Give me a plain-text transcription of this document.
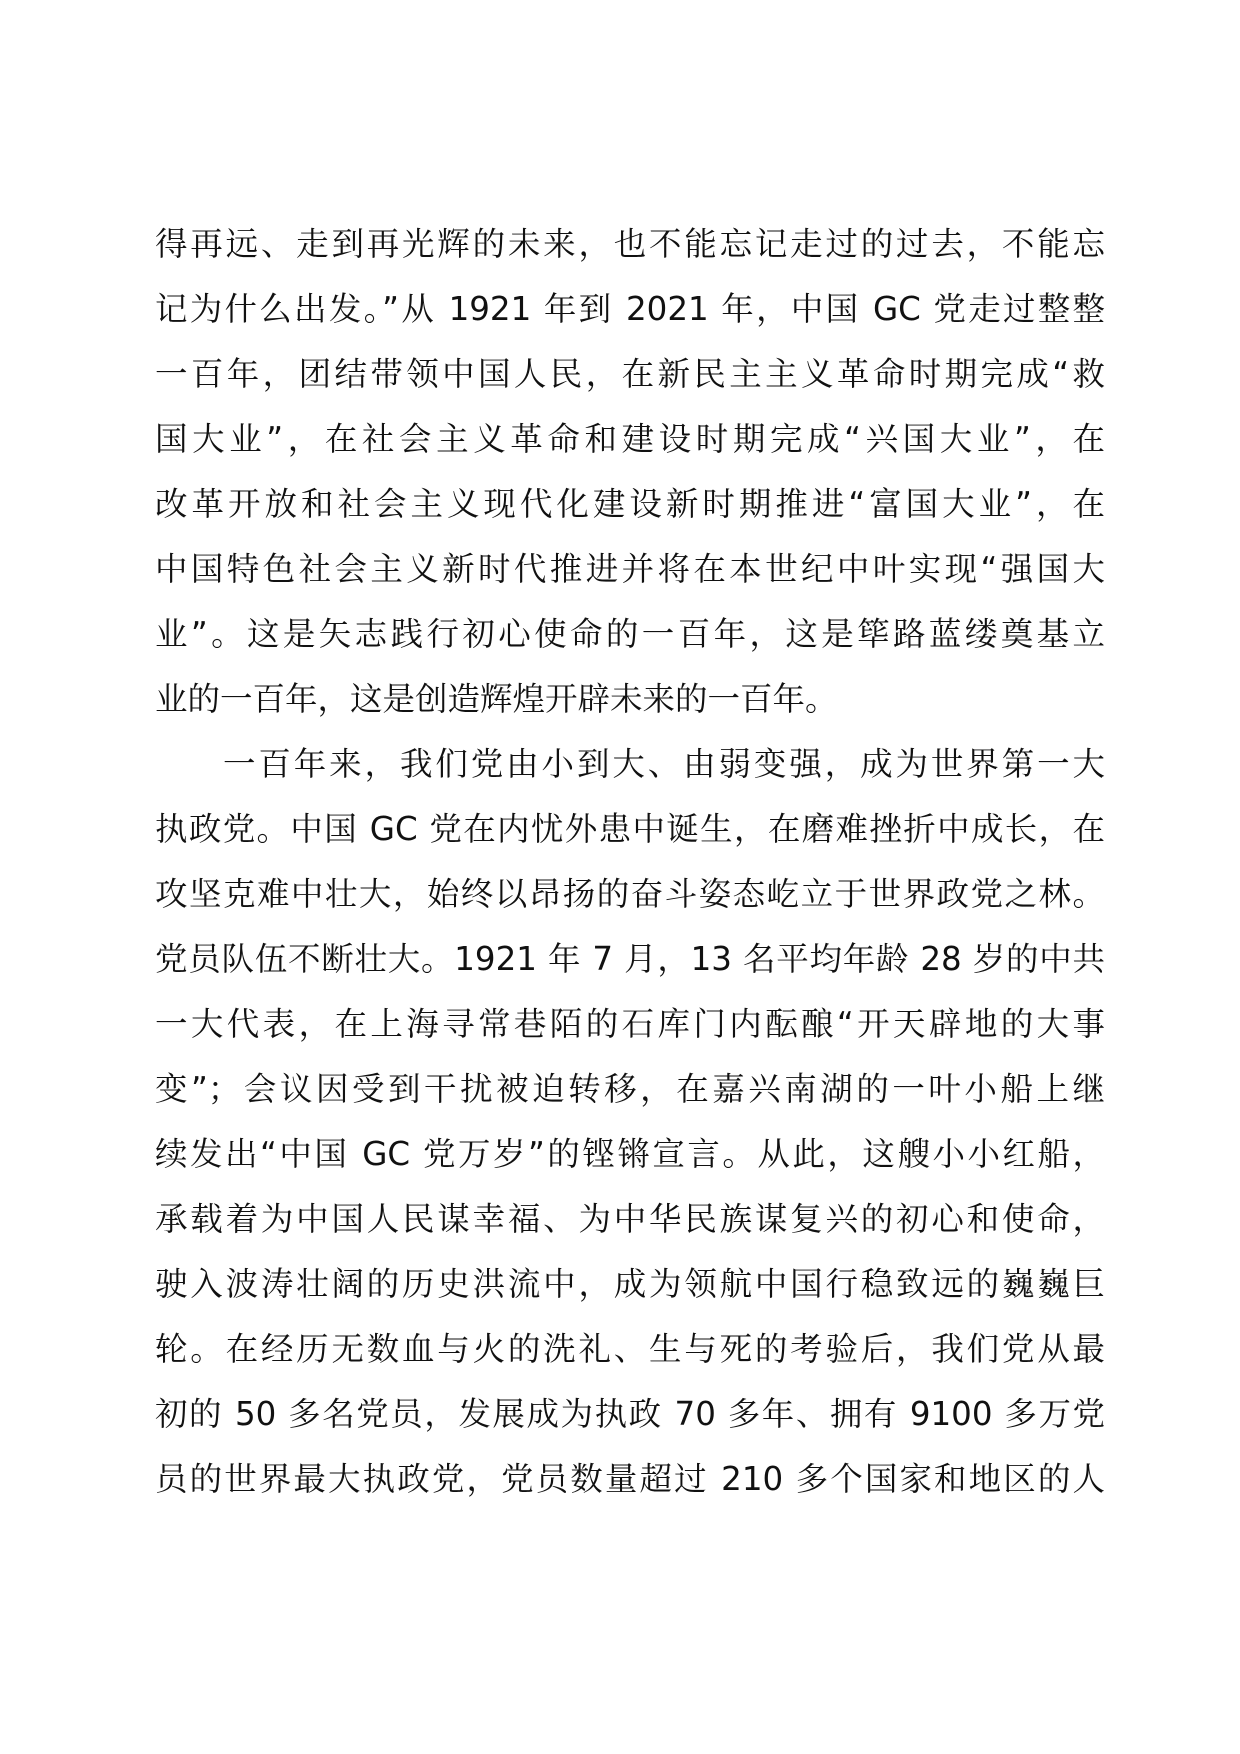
得再远、走到再光辉的未来，也不能忘记走过的过去，不能忘
记为什么出发。”从 1921 年到 2021 年，中国 GC 党走过整整
一百年，团结带领中国人民，在新民主主义革命时期完成“救
国大业”，在社会主义革命和建设时期完成“兴国大业”，在
改革开放和社会主义现代化建设新时期推进“富国大业”，在
中国特色社会主义新时代推进并将在本世纪中叶实现“强国大
业”。这是矢志践行初心使命的一百年，这是筚路蓝缕奠基立
业的一百年，这是创造辉煌开辟未来的一百年。
一百年来，我们党由小到大、由弱变强，成为世界第一大
执政党。中国 GC 党在内忧外患中诞生，在磨难挫折中成长，在
攻坚克难中壮大，始终以昂扬的奋斗姿态屹立于世界政党之林。
党员队伍不断壮大。1921 年 7 月，13 名平均年龄 28 岁的中共
一大代表，在上海寻常巷陌的石库门内酝酿“开天辟地的大事
变”；会议因受到干扰被迫转移，在嘉兴南湖的一叶小船上继
续发出“中国 GC 党万岁”的铿锵宣言。从此，这艘小小红船，
承载着为中国人民谋幸福、为中华民族谋复兴的初心和使命，
驶入波涛壮阔的历史洪流中，成为领航中国行稳致远的巍巍巨
轮。在经历无数血与火的洗礼、生与死的考验后，我们党从最
初的 50 多名党员，发展成为执政 70 多年、拥有 9100 多万党
员的世界最大执政党，党员数量超过 210 多个国家和地区的人
